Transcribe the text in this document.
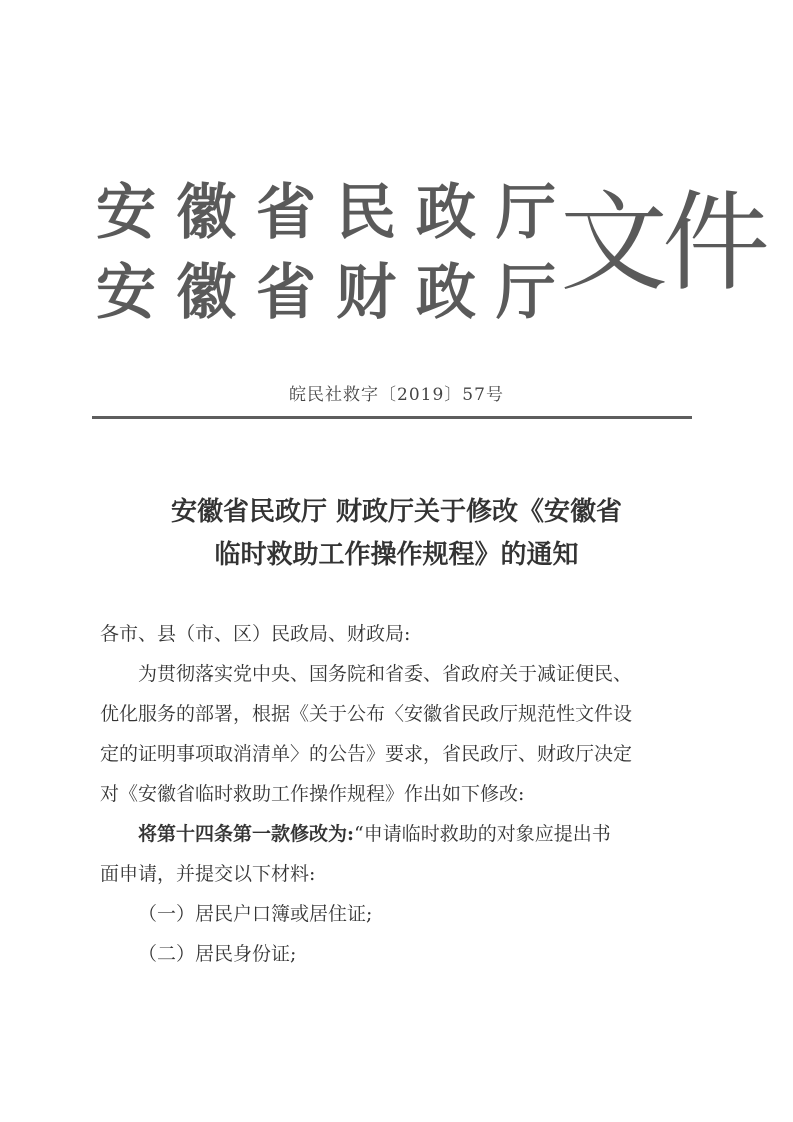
安徽省民政厅
安徽省财政厅
文件
皖民社救字〔2019〕57号
安徽省民政厅 财政厅关于修改《安徽省
临时救助工作操作规程》的通知

各市、县（市、区）民政局、财政局:

为贯彻落实党中央、国务院和省委、省政府关于减证便民、

优化服务的部署，根据《关于公布〈安徽省民政厅规范性文件设

定的证明事项取消清单〉的公告》要求，省民政厅、财政厅决定

对《安徽省临时救助工作操作规程》作出如下修改:

将第十四条第一款修改为:“申请临时救助的对象应提出书

面申请，并提交以下材料:

（一）居民户口簿或居住证;

（二）居民身份证;
